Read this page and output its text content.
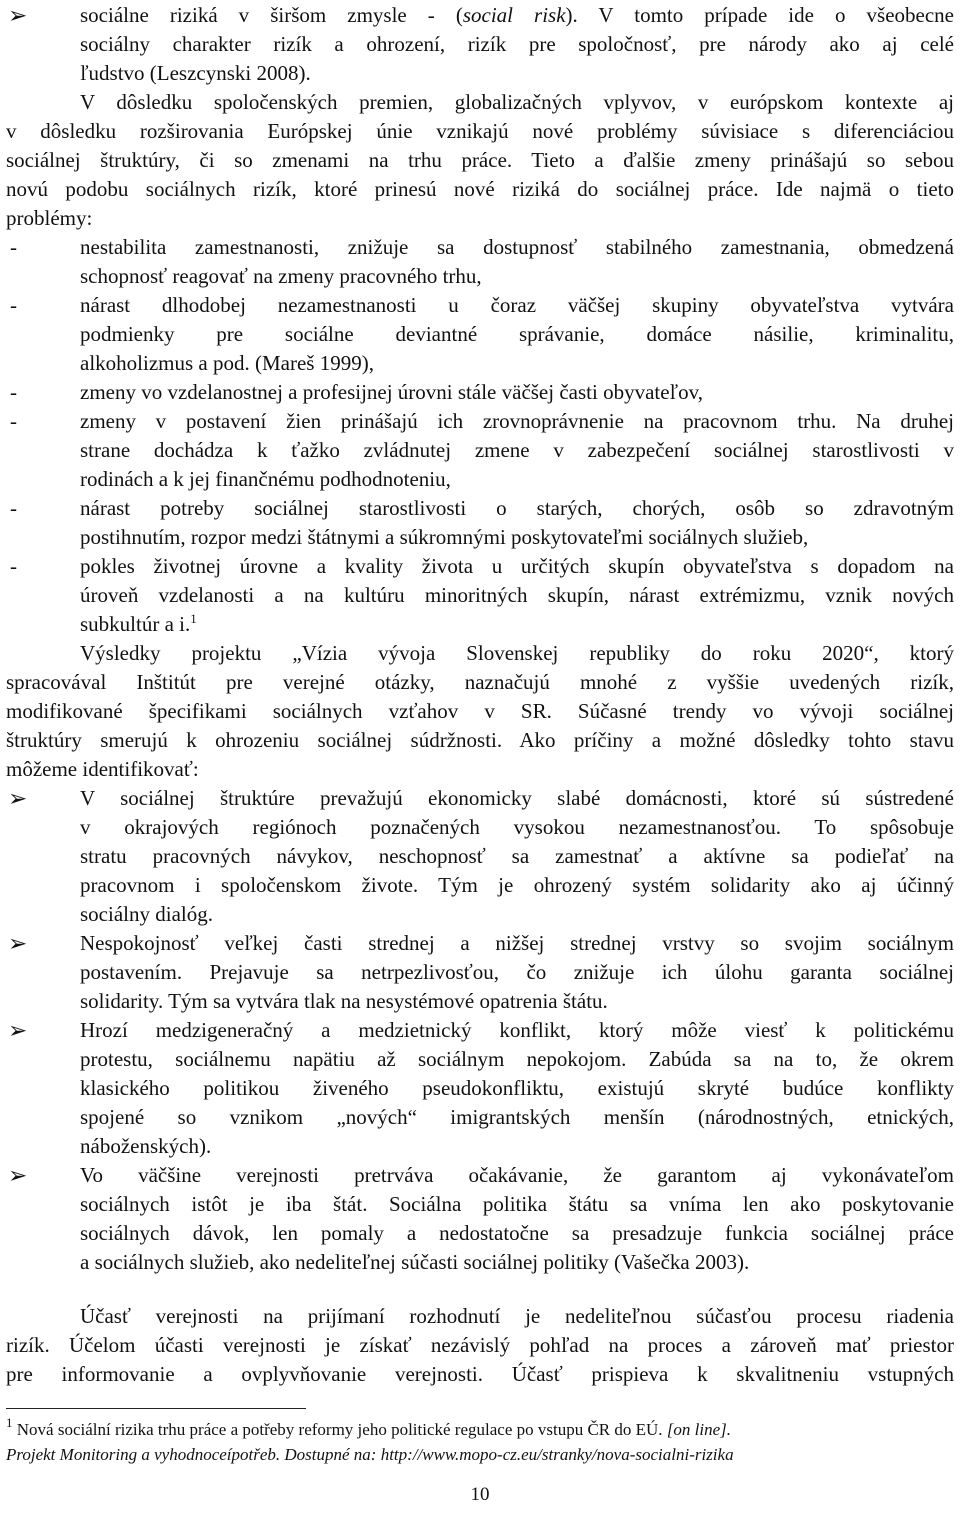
➢	sociálne riziká v širšom zmysle - (social risk). V tomto prípade ide o všeobecne
sociálny charakter rizík a ohrození, rizík pre spoločnosť, pre národy ako aj celé
ľudstvo (Leszcynski 2008).
V dôsledku spoločenských premien, globalizačných vplyvov, v európskom kontexte aj
v dôsledku rozširovania Európskej únie vznikajú nové problémy súvisiace s diferenciáciou
sociálnej štruktúry, či so zmenami na trhu práce. Tieto a ďalšie zmeny prinášajú so sebou
novú podobu sociálnych rizík, ktoré prinesú nové riziká do sociálnej práce. Ide najmä o tieto
problémy:
-	nestabilita zamestnanosti, znižuje sa dostupnosť stabilného zamestnania, obmedzená
schopnosť reagovať na zmeny pracovného trhu,
-	nárast dlhodobej nezamestnanosti u čoraz väčšej skupiny obyvateľstva vytvára
podmienky pre sociálne deviantné správanie, domáce násilie, kriminalitu,
alkoholizmus a pod. (Mareš 1999),
-	zmeny vo vzdelanostnej a profesijnej úrovni stále väčšej časti obyvateľov,
-	zmeny v postavení žien prinášajú ich zrovnoprávnenie na pracovnom trhu. Na druhej
strane dochádza k ťažko zvládnutej zmene v zabezpečení sociálnej starostlivosti v
rodinách a k jej finančnému podhodnoteniu,
-	nárast potreby sociálnej starostlivosti o starých, chorých, osôb so zdravotným
postihnutím, rozpor medzi štátnymi a súkromnými poskytovateľmi sociálnych služieb,
-	pokles životnej úrovne a kvality života u určitých skupín obyvateľstva s dopadom na
úroveň vzdelanosti a na kultúru minoritných skupín, nárast extrémizmu, vznik nových
subkultúr a i.$^1$
Výsledky projektu „Vízia vývoja Slovenskej republiky do roku 2020“, ktorý
spracovával Inštitút pre verejné otázky, naznačujú mnohé z vyššie uvedených rizík,
modifikované špecifikami sociálnych vzťahov v SR. Súčasné trendy vo vývoji sociálnej
štruktúry smerujú k ohrozeniu sociálnej súdržnosti. Ako príčiny a možné dôsledky tohto stavu
môžeme identifikovať:
➢	V sociálnej štruktúre prevažujú ekonomicky slabé domácnosti, ktoré sú sústredené
v okrajových regiónoch poznačených vysokou nezamestnanosťou. To spôsobuje
stratu pracovných návykov, neschopnosť sa zamestnať a aktívne sa podieľať na
pracovnom i spoločenskom živote. Tým je ohrozený systém solidarity ako aj účinný
sociálny dialóg.
➢	Nespokojnosť veľkej časti strednej a nižšej strednej vrstvy so svojim sociálnym
postavením. Prejavuje sa netrpezlivosťou, čo znižuje ich úlohu garanta sociálnej
solidarity. Tým sa vytvára tlak na nesystémové opatrenia štátu.
➢	Hrozí medzigeneračný a medzietnický konflikt, ktorý môže viesť k politickému
protestu, sociálnemu napätiu až sociálnym nepokojom. Zabúda sa na to, že okrem
klasického politikou živeného pseudokonfliktu, existujú skryté budúce konflikty
spojené so vznikom „nových“ imigrantských menšín (národnostných, etnických,
náboženských).
➢	Vo väčšine verejnosti pretrváva očakávanie, že garantom aj vykonávateľom
sociálnych istôt je iba štát. Sociálna politika štátu sa vníma len ako poskytovanie
sociálnych dávok, len pomaly a nedostatočne sa presadzuje funkcia sociálnej práce
a sociálnych služieb, ako nedeliteľnej súčasti sociálnej politiky (Vašečka 2003).
Účasť verejnosti na prijímaní rozhodnutí je nedeliteľnou súčasťou procesu riadenia
rizík. Účelom účasti verejnosti je získať nezávislý pohľad na proces a zároveň mať priestor
pre informovanie a ovplyvňovanie verejnosti. Účasť prispieva k skvalitneniu vstupných
$^1$ Nová sociální rizika trhu práce a potřeby reformy jeho politické regulace po vstupu ČR do EÚ. [on line].
Projekt Monitoring a vyhodnoceípotřeb. Dostupné na: http://www.mopo-cz.eu/stranky/nova-socialni-rizika
10
